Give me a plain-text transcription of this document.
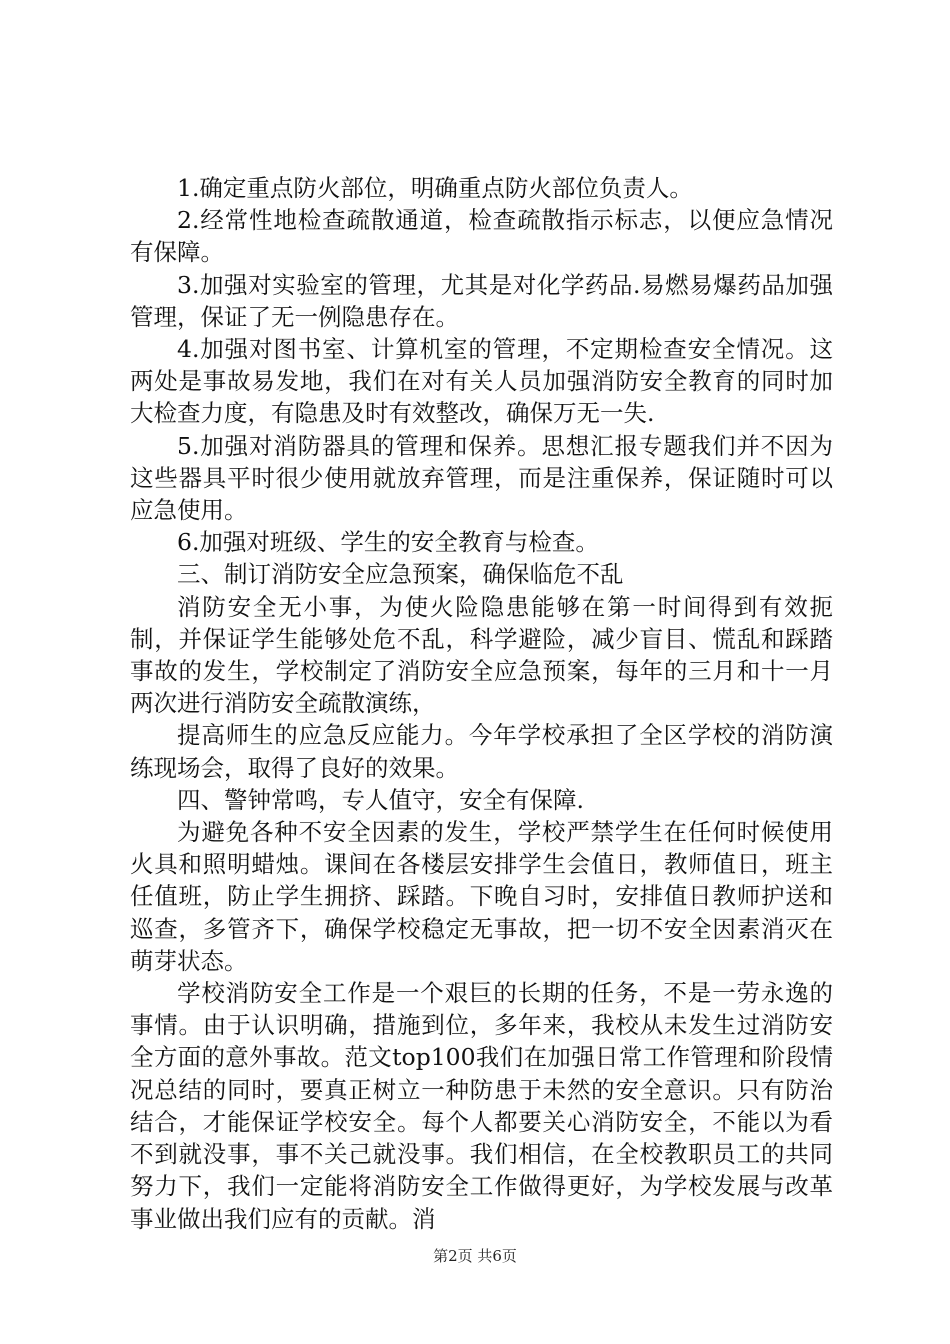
1.确定重点防火部位，明确重点防火部位负责人。

2.经常性地检查疏散通道，检查疏散指示标志，以便应急情况有保障。

3.加强对实验室的管理，尤其是对化学药品.易燃易爆药品加强管理，保证了无一例隐患存在。

4.加强对图书室、计算机室的管理，不定期检查安全情况。这两处是事故易发地，我们在对有关人员加强消防安全教育的同时加大检查力度，有隐患及时有效整改，确保万无一失.

5.加强对消防器具的管理和保养。思想汇报专题我们并不因为这些器具平时很少使用就放弃管理，而是注重保养，保证随时可以应急使用。

6.加强对班级、学生的安全教育与检查。

三、制订消防安全应急预案，确保临危不乱

消防安全无小事，为使火险隐患能够在第一时间得到有效扼制，并保证学生能够处危不乱，科学避险，减少盲目、慌乱和踩踏事故的发生，学校制定了消防安全应急预案，每年的三月和十一月两次进行消防安全疏散演练，

提高师生的应急反应能力。今年学校承担了全区学校的消防演练现场会，取得了良好的效果。

四、警钟常鸣，专人值守，安全有保障.

为避免各种不安全因素的发生，学校严禁学生在任何时候使用火具和照明蜡烛。课间在各楼层安排学生会值日，教师值日，班主任值班，防止学生拥挤、踩踏。下晚自习时，安排值日教师护送和巡查，多管齐下，确保学校稳定无事故，把一切不安全因素消灭在萌芽状态。

学校消防安全工作是一个艰巨的长期的任务，不是一劳永逸的事情。由于认识明确，措施到位，多年来，我校从未发生过消防安全方面的意外事故。范文top100我们在加强日常工作管理和阶段情况总结的同时，要真正树立一种防患于未然的安全意识。只有防治结合，才能保证学校安全。每个人都要关心消防安全，不能以为看不到就没事，事不关己就没事。我们相信，在全校教职员工的共同努力下，我们一定能将消防安全工作做得更好，为学校发展与改革事业做出我们应有的贡献。消

第2页 共6页
